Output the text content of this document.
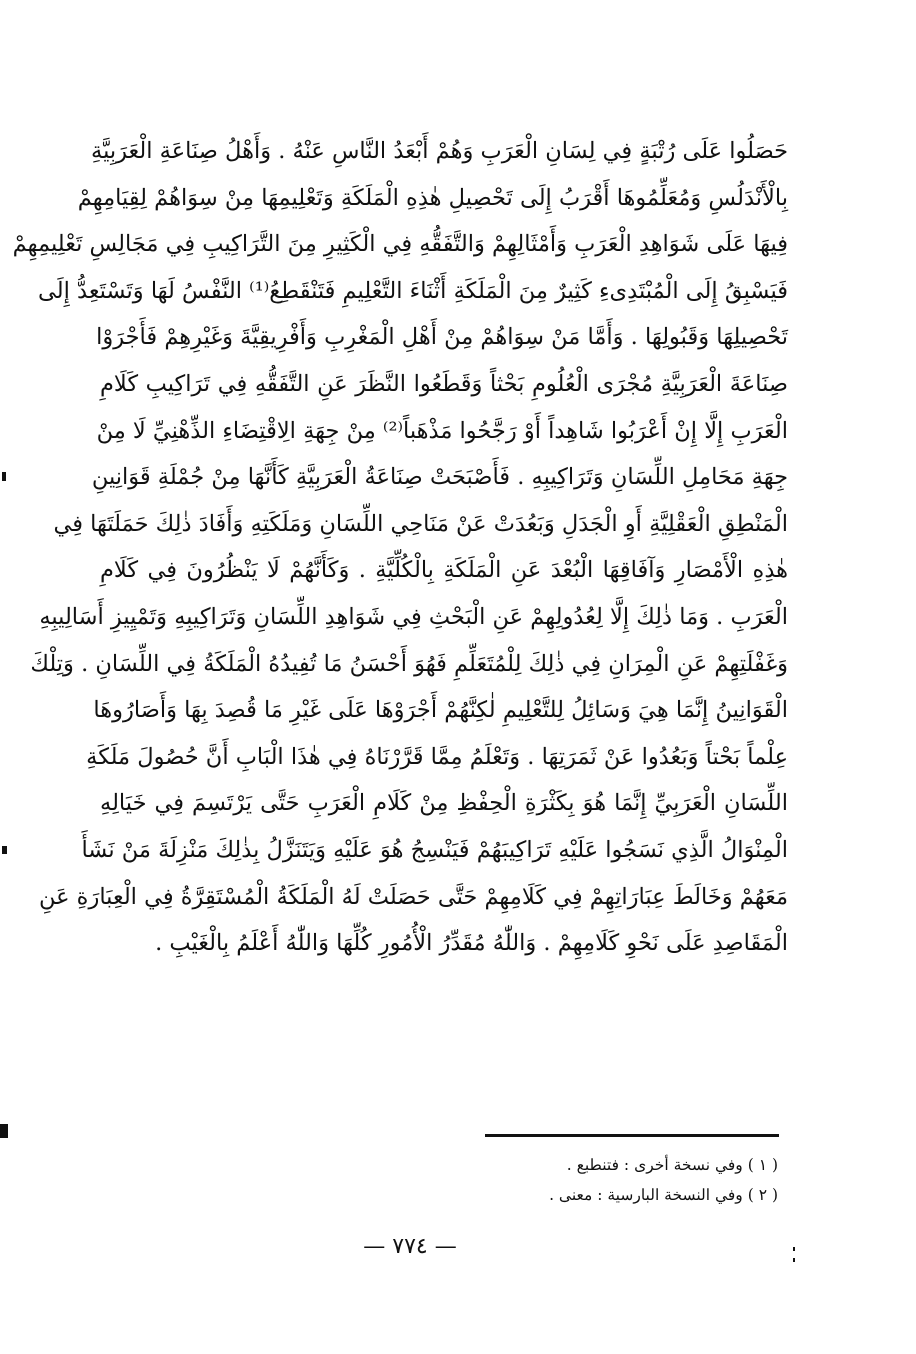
حَصَلُوا عَلَى رُتْبَةٍ فِي لِسَانِ الْعَرَبِ وَهُمْ أَبْعَدُ النَّاسِ عَنْهُ . وَأَهْلُ صِنَاعَةِ الْعَرَبِيَّةِ
بِالْأَنْدَلُسِ وَمُعَلِّمُوهَا أَقْرَبُ إِلَى تَحْصِيلِ هٰذِهِ الْمَلَكَةِ وَتَعْلِيمِهَا مِنْ سِوَاهُمْ لِقِيَامِهِمْ
فِيهَا عَلَى شَوَاهِدِ الْعَرَبِ وَأَمْثَالِهِمْ وَالتَّفَقُّهِ فِي الْكَثِيرِ مِنَ التَّرَاكِيبِ فِي مَجَالِسِ تَعْلِيمِهِمْ
فَيَسْبِقُ إِلَى الْمُبْتَدِىءِ كَثِيرٌ مِنَ الْمَلَكَةِ أَثْنَاءَ التَّعْلِيمِ فَتَنْقَطِعُ⁽¹⁾ النَّفْسُ لَهَا وَتَسْتَعِدُّ إِلَى
تَحْصِيلِهَا وَقَبُولِهَا . وَأَمَّا مَنْ سِوَاهُمْ مِنْ أَهْلِ الْمَغْرِبِ وَأَفْرِيقِيَّةَ وَغَيْرِهِمْ فَأَجْرَوْا
صِنَاعَةَ الْعَرَبِيَّةِ مُجْرَى الْعُلُومِ بَحْثاً وَقَطَعُوا النَّظَرَ عَنِ التَّفَقُّهِ فِي تَرَاكِيبِ كَلَامِ
الْعَرَبِ إِلَّا إِنْ أَعْرَبُوا شَاهِداً أَوْ رَجَّحُوا مَذْهَباً⁽²⁾ مِنْ جِهَةِ الِاقْتِضَاءِ الذِّهْنِيِّ لَا مِنْ
جِهَةِ مَحَامِلِ اللِّسَانِ وَتَرَاكِيبِهِ . فَأَصْبَحَتْ صِنَاعَةُ الْعَرَبِيَّةِ كَأَنَّهَا مِنْ جُمْلَةِ قَوَانِينِ
الْمَنْطِقِ الْعَقْلِيَّةِ أَوِ الْجَدَلِ وَبَعُدَتْ عَنْ مَنَاحِي اللِّسَانِ وَمَلَكَتِهِ وَأَفَادَ ذٰلِكَ حَمَلَتَهَا فِي
هٰذِهِ الْأَمْصَارِ وَآفَاقِهَا الْبُعْدَ عَنِ الْمَلَكَةِ بِالْكُلِّيَّةِ . وَكَأَنَّهُمْ لَا يَنْظُرُونَ فِي كَلَامِ
الْعَرَبِ . وَمَا ذٰلِكَ إِلَّا لِعُدُولِهِمْ عَنِ الْبَحْثِ فِي شَوَاهِدِ اللِّسَانِ وَتَرَاكِيبِهِ وَتَمْيِيزِ أَسَالِيبِهِ
وَغَفْلَتِهِمْ عَنِ الْمِرَانِ فِي ذٰلِكَ لِلْمُتَعَلِّمِ فَهُوَ أَحْسَنُ مَا تُفِيدُهُ الْمَلَكَةُ فِي اللِّسَانِ . وَتِلْكَ
الْقَوَانِينُ إِنَّمَا هِيَ وَسَائِلُ لِلتَّعْلِيمِ لٰكِنَّهُمْ أَجْرَوْهَا عَلَى غَيْرِ مَا قُصِدَ بِهَا وَأَصَارُوهَا
عِلْماً بَحْتاً وَبَعُدُوا عَنْ ثَمَرَتِهَا . وَتَعْلَمُ مِمَّا قَرَّرْنَاهُ فِي هٰذَا الْبَابِ أَنَّ حُصُولَ مَلَكَةِ
اللِّسَانِ الْعَرَبِيِّ إِنَّمَا هُوَ بِكَثْرَةِ الْحِفْظِ مِنْ كَلَامِ الْعَرَبِ حَتَّى يَرْتَسِمَ فِي خَيَالِهِ
الْمِنْوَالُ الَّذِي نَسَجُوا عَلَيْهِ تَرَاكِيبَهُمْ فَيَنْسِجُ هُوَ عَلَيْهِ وَيَتَنَزَّلُ بِذٰلِكَ مَنْزِلَةَ مَنْ نَشَأَ
مَعَهُمْ وَخَالَطَ عِبَارَاتِهِمْ فِي كَلَامِهِمْ حَتَّى حَصَلَتْ لَهُ الْمَلَكَةُ الْمُسْتَقِرَّةُ فِي الْعِبَارَةِ عَنِ
الْمَقَاصِدِ عَلَى نَحْوِ كَلَامِهِمْ . وَاللّٰهُ مُقَدِّرُ الْأُمُورِ كُلِّهَا وَاللّٰهُ أَعْلَمُ بِالْغَيْبِ .
( ١ ) وفي نسخة أخرى : فتنطبع .
( ٢ ) وفي النسخة البارسية : معنى .
— ٧٧٤ —
